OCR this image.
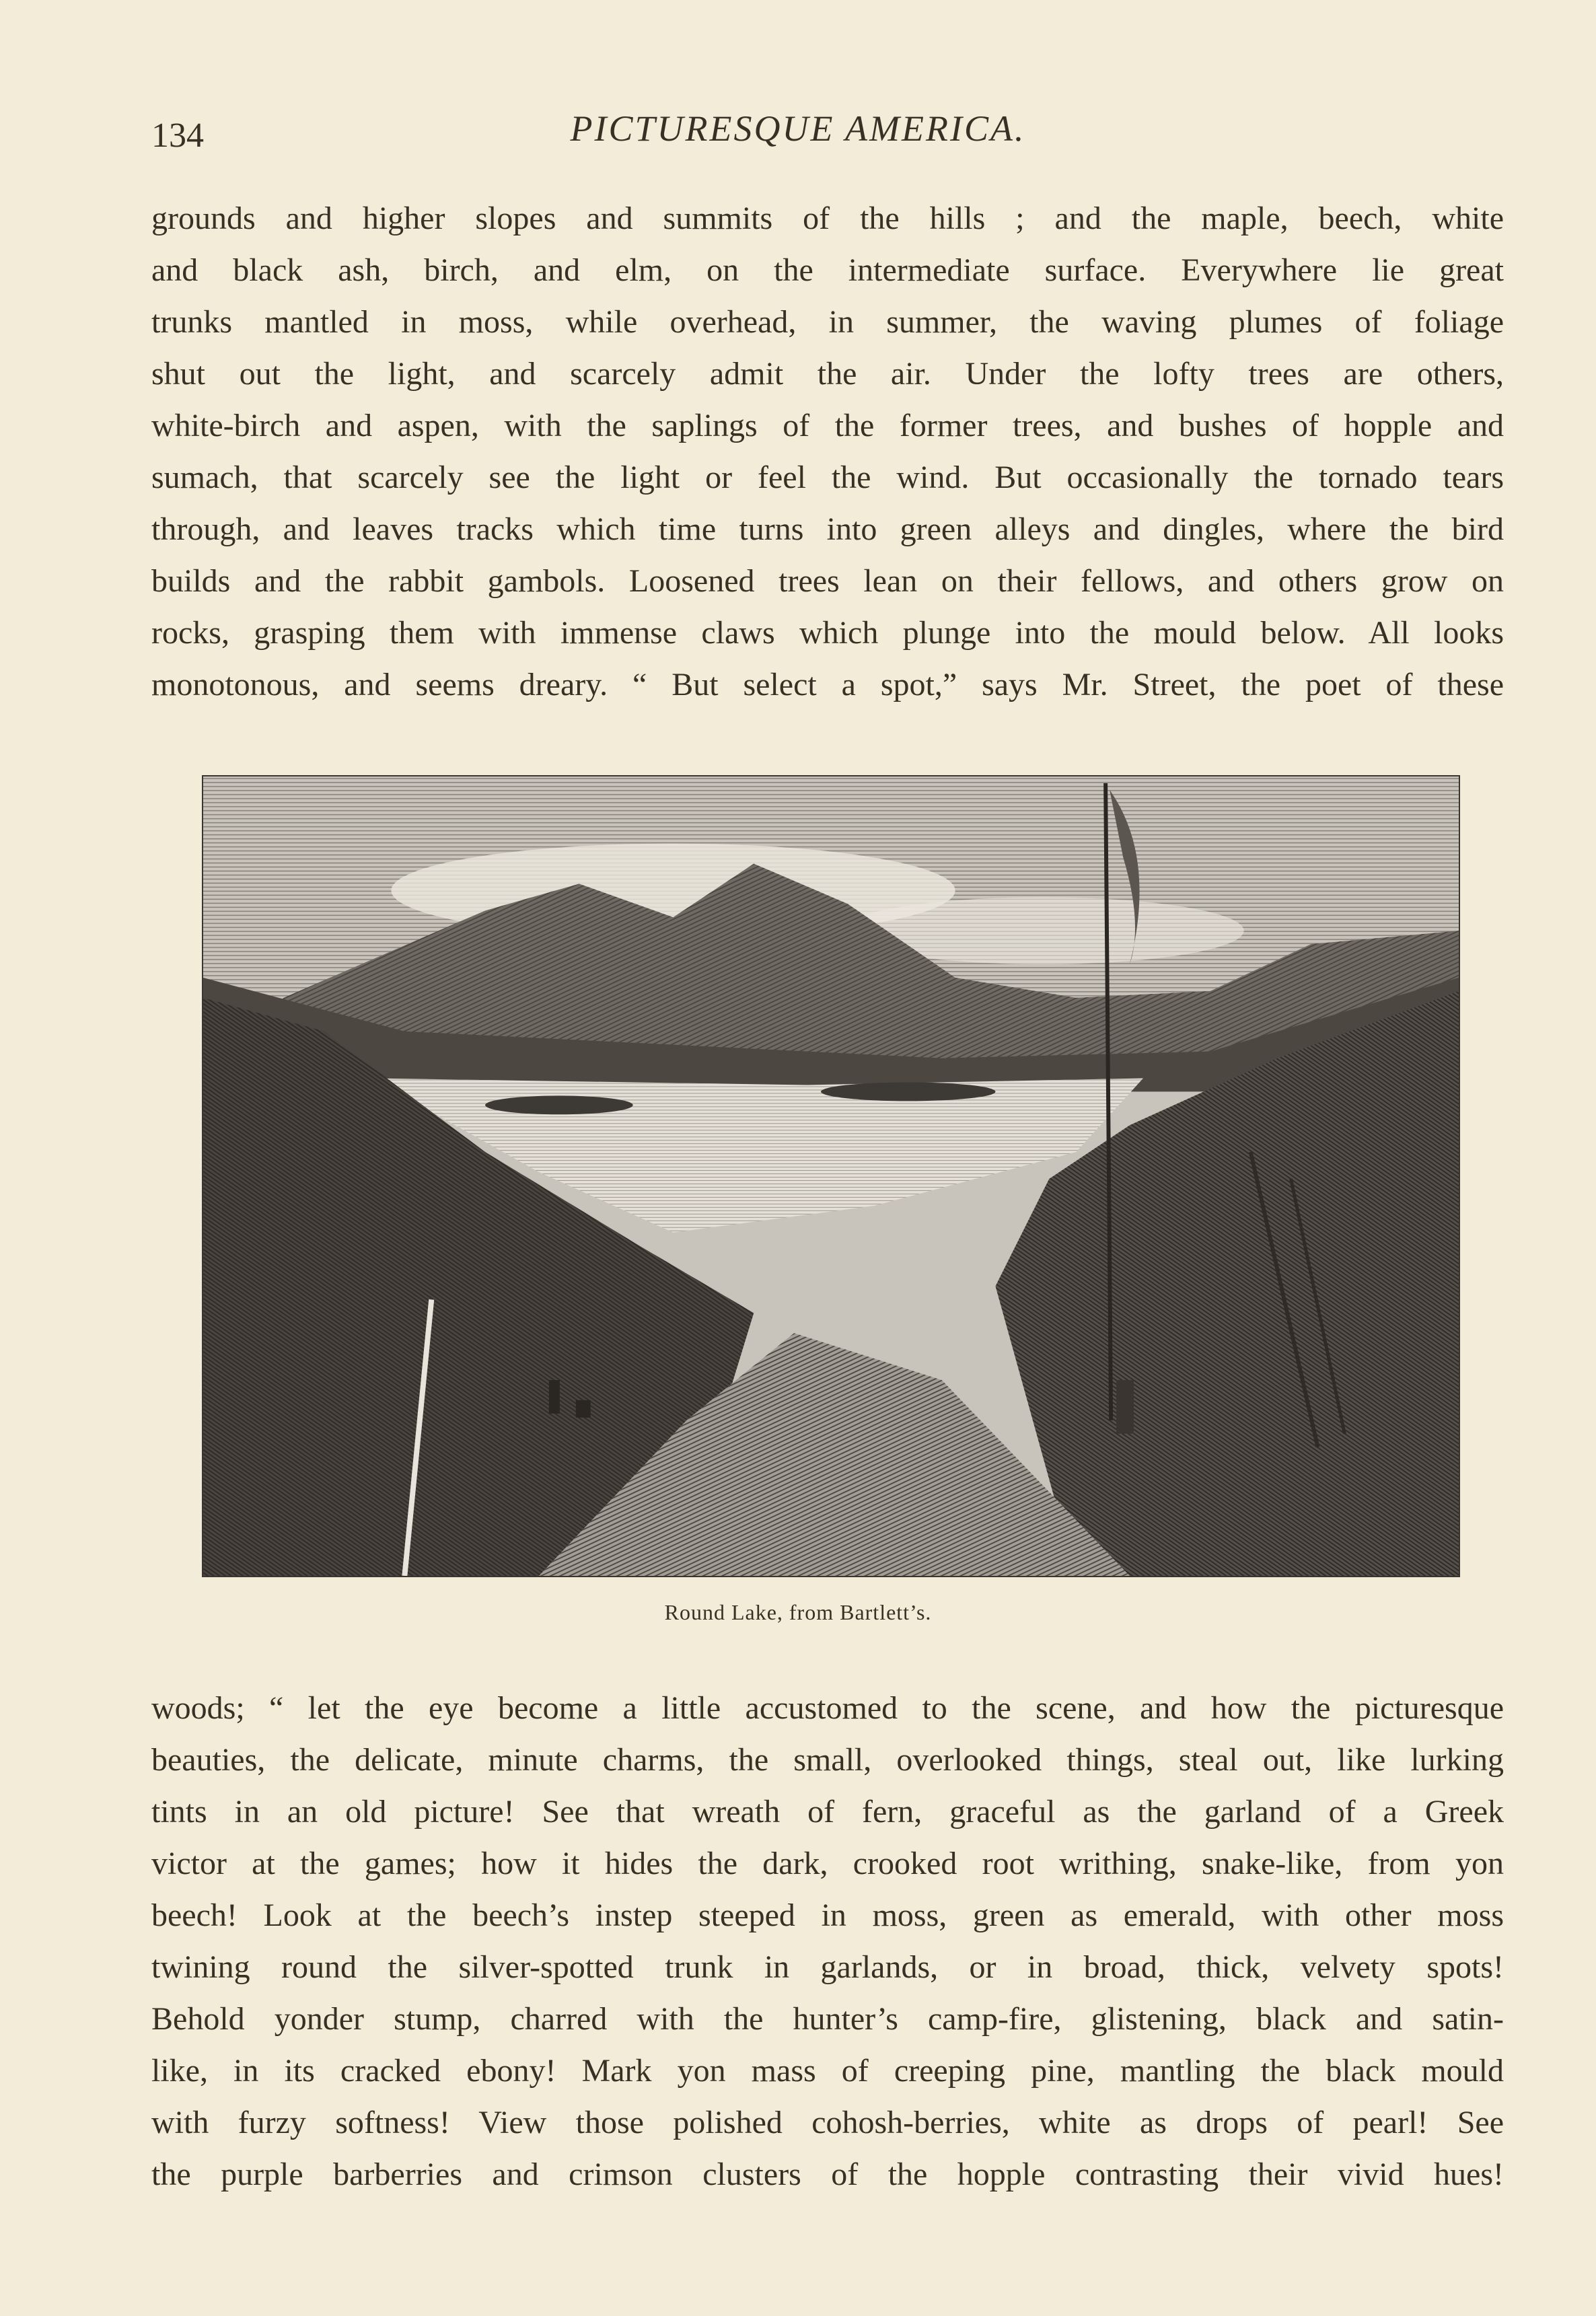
134	PICTURESQUE AMERICA.
grounds and higher slopes and summits of the hills ; and the maple, beech, white
and black ash, birch, and elm, on the intermediate surface. Everywhere lie great
trunks mantled in moss, while overhead, in summer, the waving plumes of foliage
shut out the light, and scarcely admit the air. Under the lofty trees are others,
white-birch and aspen, with the saplings of the former trees, and bushes of hopple and
sumach, that scarcely see the light or feel the wind. But occasionally the tornado tears
through, and leaves tracks which time turns into green alleys and dingles, where the bird
builds and the rabbit gambols. Loosened trees lean on their fellows, and others grow on
rocks, grasping them with immense claws which plunge into the mould below. All looks
monotonous, and seems dreary. “ But select a spot,” says Mr. Street, the poet of these
Round Lake, from Bartlett’s.
woods; “ let the eye become a little accustomed to the scene, and how the picturesque
beauties, the delicate, minute charms, the small, overlooked things, steal out, like lurking
tints in an old picture! See that wreath of fern, graceful as the garland of a Greek
victor at the games; how it hides the dark, crooked root writhing, snake-like, from yon
beech! Look at the beech’s instep steeped in moss, green as emerald, with other moss
twining round the silver-spotted trunk in garlands, or in broad, thick, velvety spots!
Behold yonder stump, charred with the hunter’s camp-fire, glistening, black and satin-
like, in its cracked ebony! Mark yon mass of creeping pine, mantling the black mould
with furzy softness! View those polished cohosh-berries, white as drops of pearl! See
the purple barberries and crimson clusters of the hopple contrasting their vivid hues!
